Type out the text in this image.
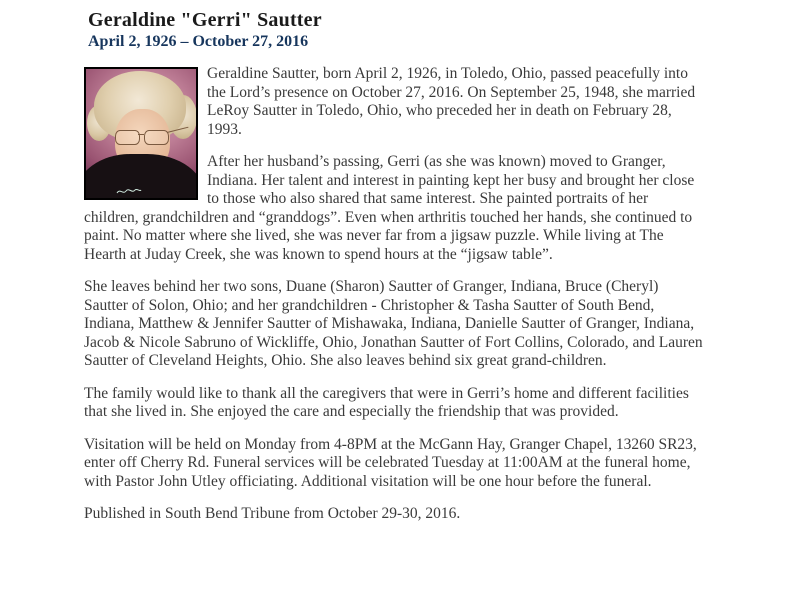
Geraldine "Gerri" Sautter
April 2, 1926 – October 27, 2016

Geraldine Sautter, born April 2, 1926, in Toledo, Ohio, passed peacefully into the Lord’s presence on October 27, 2016. On September 25, 1948, she married LeRoy Sautter in Toledo, Ohio, who preceded her in death on February 28, 1993.

After her husband’s passing, Gerri (as she was known) moved to Granger, Indiana. Her talent and interest in painting kept her busy and brought her close to those who also shared that same interest. She painted portraits of her children, grandchildren and “granddogs”. Even when arthritis touched her hands, she continued to paint. No matter where she lived, she was never far from a jigsaw puzzle. While living at The Hearth at Juday Creek, she was known to spend hours at the “jigsaw table”.

She leaves behind her two sons, Duane (Sharon) Sautter of Granger, Indiana, Bruce (Cheryl) Sautter of Solon, Ohio; and her grandchildren - Christopher & Tasha Sautter of South Bend, Indiana, Matthew & Jennifer Sautter of Mishawaka, Indiana, Danielle Sautter of Granger, Indiana, Jacob & Nicole Sabruno of Wickliffe, Ohio, Jonathan Sautter of Fort Collins, Colorado, and Lauren Sautter of Cleveland Heights, Ohio. She also leaves behind six great grand-children.

The family would like to thank all the caregivers that were in Gerri’s home and different facilities that she lived in. She enjoyed the care and especially the friendship that was provided.

Visitation will be held on Monday from 4-8PM at the McGann Hay, Granger Chapel, 13260 SR23, enter off Cherry Rd. Funeral services will be celebrated Tuesday at 11:00AM at the funeral home, with Pastor John Utley officiating. Additional visitation will be one hour before the funeral.

Published in South Bend Tribune from October 29-30, 2016.
